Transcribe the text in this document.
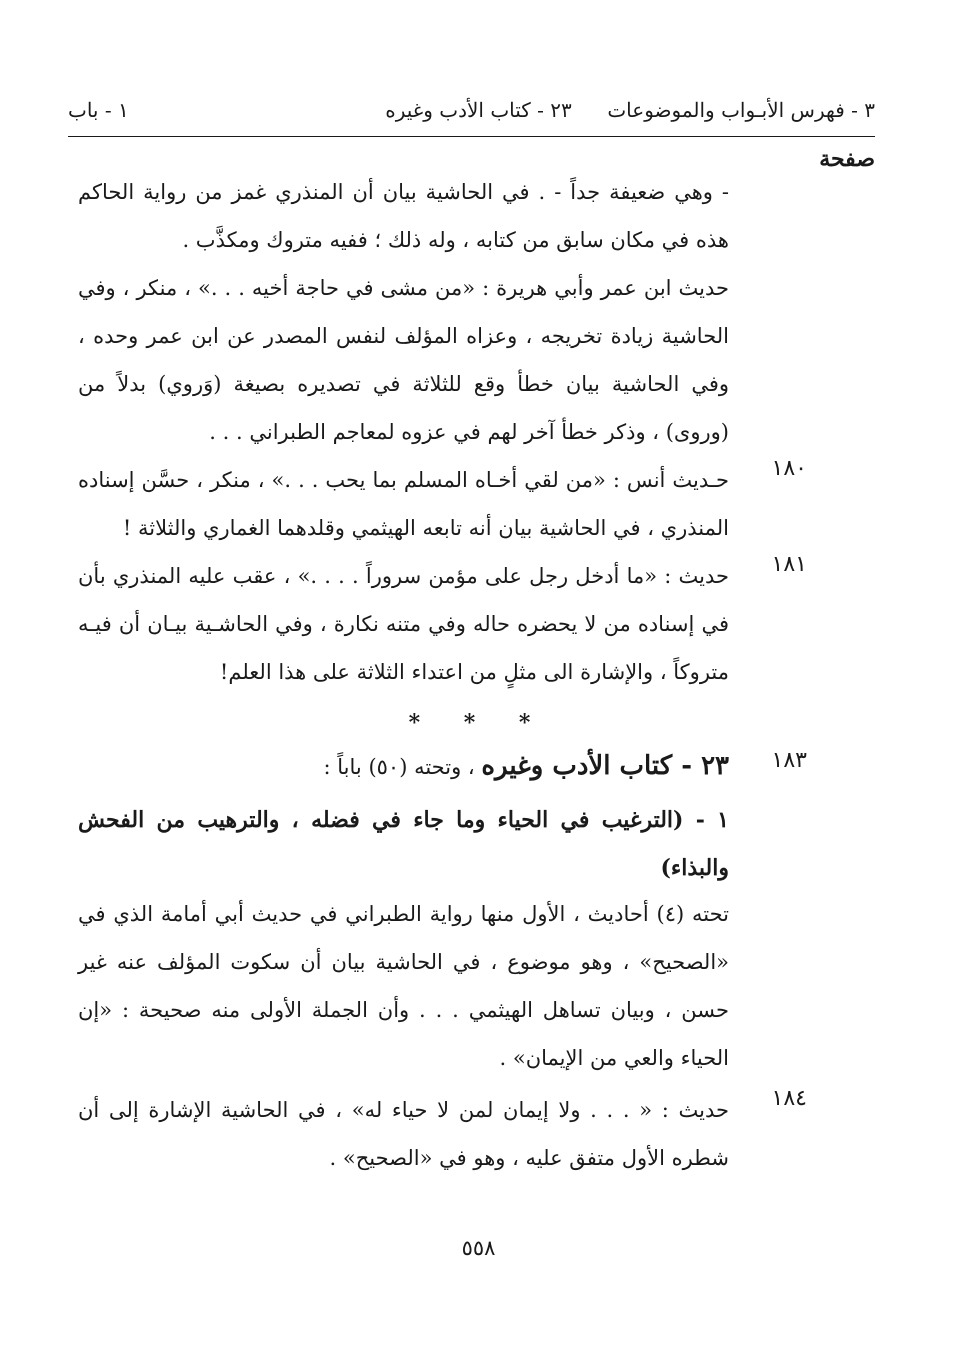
٣ - فهرس الأبـواب والموضوعات
٢٣ - كتاب الأدب وغيره
١ - باب
صفحة
- وهي ضعيفة جداً - . في الحاشية بيان أن المنذري غمز من رواية الحاكم هذه في مكان سابق من كتابه ، وله ذلك ؛ ففيه متروك ومكذَّب .
حديث ابن عمر وأبي هريرة : «من مشى في حاجة أخيه . . .» ، منكر ، وفي الحاشية زيادة تخريجه ، وعزاه المؤلف لنفس المصدر عن ابن عمر وحده ، وفي الحاشية بيان خطأ وقع للثلاثة في تصديره بصيغة (وَروي) بدلاً من (وروى) ، وذكر خطأ آخر لهم في عزوه لمعاجم الطبراني . . .
١٨٠
حـديث أنس : «من لقي أخـاه المسلم بما يحب . . .» ، منكر ، حسَّن إسناده المنذري ، في الحاشية بيان أنه تابعه الهيثمي وقلدهما الغماري والثلاثة !
١٨١
حديث : «ما أدخل رجل على مؤمن سروراً . . . .» ، عقب عليه المنذري بأن في إسناده من لا يحضره حاله وفي متنه نكارة ، وفي الحاشـية بيـان أن فيـه متروكاً ، والإشارة الى مثلٍ من اعتداء الثلاثة على هذا العلم!
* * *
١٨٣
٢٣ - كتاب الأدب وغيره ، وتحته (٥٠) باباً :
١ - (الترغيب في الحياء وما جاء في فضله ، والترهيب من الفحش والبذاء)
تحته (٤) أحاديث ، الأول منها رواية الطبراني في حديث أبي أمامة الذي في «الصحيح» ، وهو موضوع ، في الحاشية بيان أن سكوت المؤلف عنه غير حسن ، وبيان تساهل الهيثمي . . . وأن الجملة الأولى منه صحيحة : «إن الحياء والعي من الإيمان» .
١٨٤
حديث : « . . . ولا إيمان لمن لا حياء له» ، في الحاشية الإشارة إلى أن شطره الأول متفق عليه ، وهو في «الصحيح» .
٥٥٨
